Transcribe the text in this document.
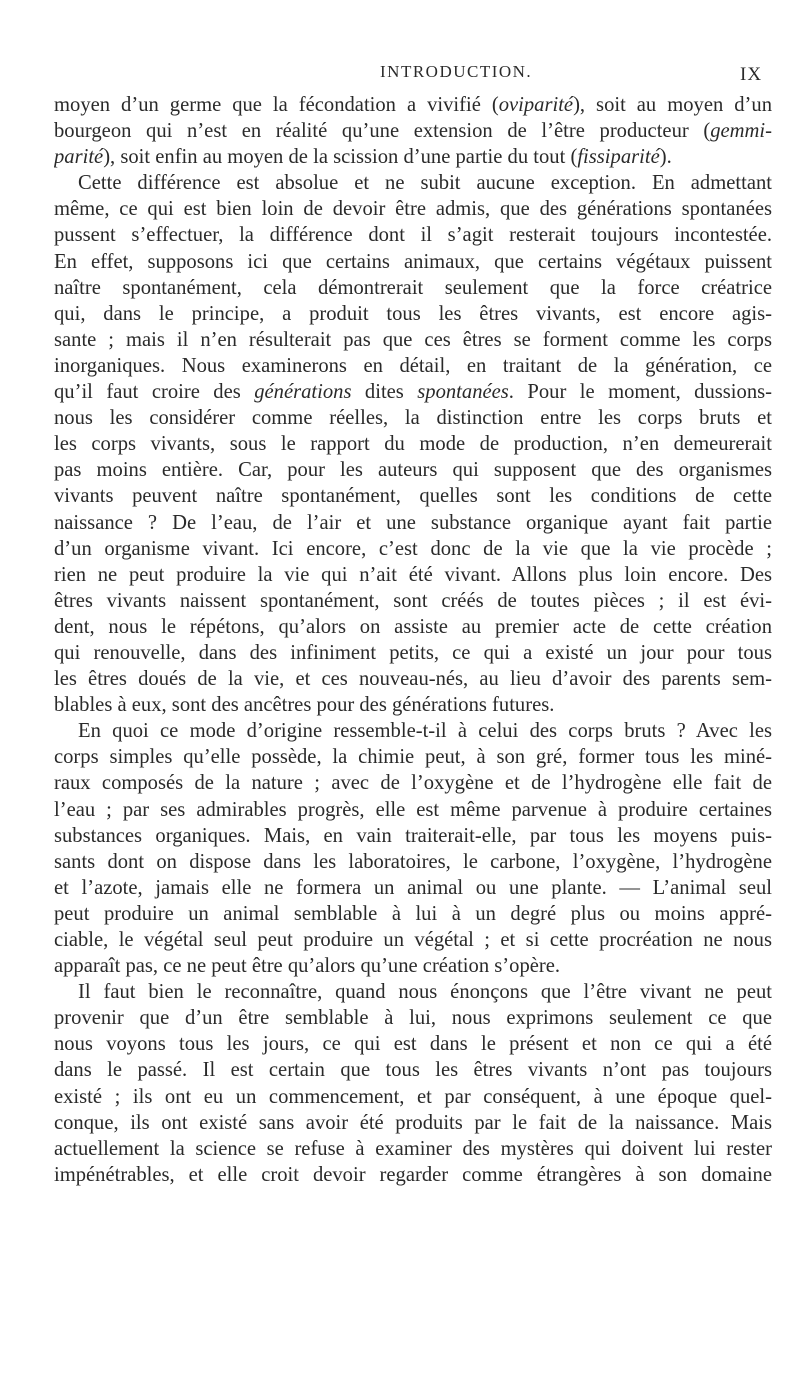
INTRODUCTION.	IX
moyen d’un germe que la fécondation a vivifié (oviparité), soit au moyen d’un
bourgeon qui n’est en réalité qu’une extension de l’être producteur (gemmi-
parité), soit enfin au moyen de la scission d’une partie du tout (fissiparité).
Cette différence est absolue et ne subit aucune exception. En admettant
même, ce qui est bien loin de devoir être admis, que des générations spontanées
pussent s’effectuer, la différence dont il s’agit resterait toujours incontestée.
En effet, supposons ici que certains animaux, que certains végétaux puissent
naître spontanément, cela démontrerait seulement que la force créatrice
qui, dans le principe, a produit tous les êtres vivants, est encore agis-
sante ; mais il n’en résulterait pas que ces êtres se forment comme les corps
inorganiques. Nous examinerons en détail, en traitant de la génération, ce
qu’il faut croire des générations dites spontanées. Pour le moment, dussions-
nous les considérer comme réelles, la distinction entre les corps bruts et
les corps vivants, sous le rapport du mode de production, n’en demeurerait
pas moins entière. Car, pour les auteurs qui supposent que des organismes
vivants peuvent naître spontanément, quelles sont les conditions de cette
naissance ? De l’eau, de l’air et une substance organique ayant fait partie
d’un organisme vivant. Ici encore, c’est donc de la vie que la vie procède ;
rien ne peut produire la vie qui n’ait été vivant. Allons plus loin encore. Des
êtres vivants naissent spontanément, sont créés de toutes pièces ; il est évi-
dent, nous le répétons, qu’alors on assiste au premier acte de cette création
qui renouvelle, dans des infiniment petits, ce qui a existé un jour pour tous
les êtres doués de la vie, et ces nouveau-nés, au lieu d’avoir des parents sem-
blables à eux, sont des ancêtres pour des générations futures.
En quoi ce mode d’origine ressemble-t-il à celui des corps bruts ? Avec les
corps simples qu’elle possède, la chimie peut, à son gré, former tous les miné-
raux composés de la nature ; avec de l’oxygène et de l’hydrogène elle fait de
l’eau ; par ses admirables progrès, elle est même parvenue à produire certaines
substances organiques. Mais, en vain traiterait-elle, par tous les moyens puis-
sants dont on dispose dans les laboratoires, le carbone, l’oxygène, l’hydrogène
et l’azote, jamais elle ne formera un animal ou une plante. — L’animal seul
peut produire un animal semblable à lui à un degré plus ou moins appré-
ciable, le végétal seul peut produire un végétal ; et si cette procréation ne nous
apparaît pas, ce ne peut être qu’alors qu’une création s’opère.
Il faut bien le reconnaître, quand nous énonçons que l’être vivant ne peut
provenir que d’un être semblable à lui, nous exprimons seulement ce que
nous voyons tous les jours, ce qui est dans le présent et non ce qui a été
dans le passé. Il est certain que tous les êtres vivants n’ont pas toujours
existé ; ils ont eu un commencement, et par conséquent, à une époque quel-
conque, ils ont existé sans avoir été produits par le fait de la naissance. Mais
actuellement la science se refuse à examiner des mystères qui doivent lui rester
impénétrables, et elle croit devoir regarder comme étrangères à son domaine
